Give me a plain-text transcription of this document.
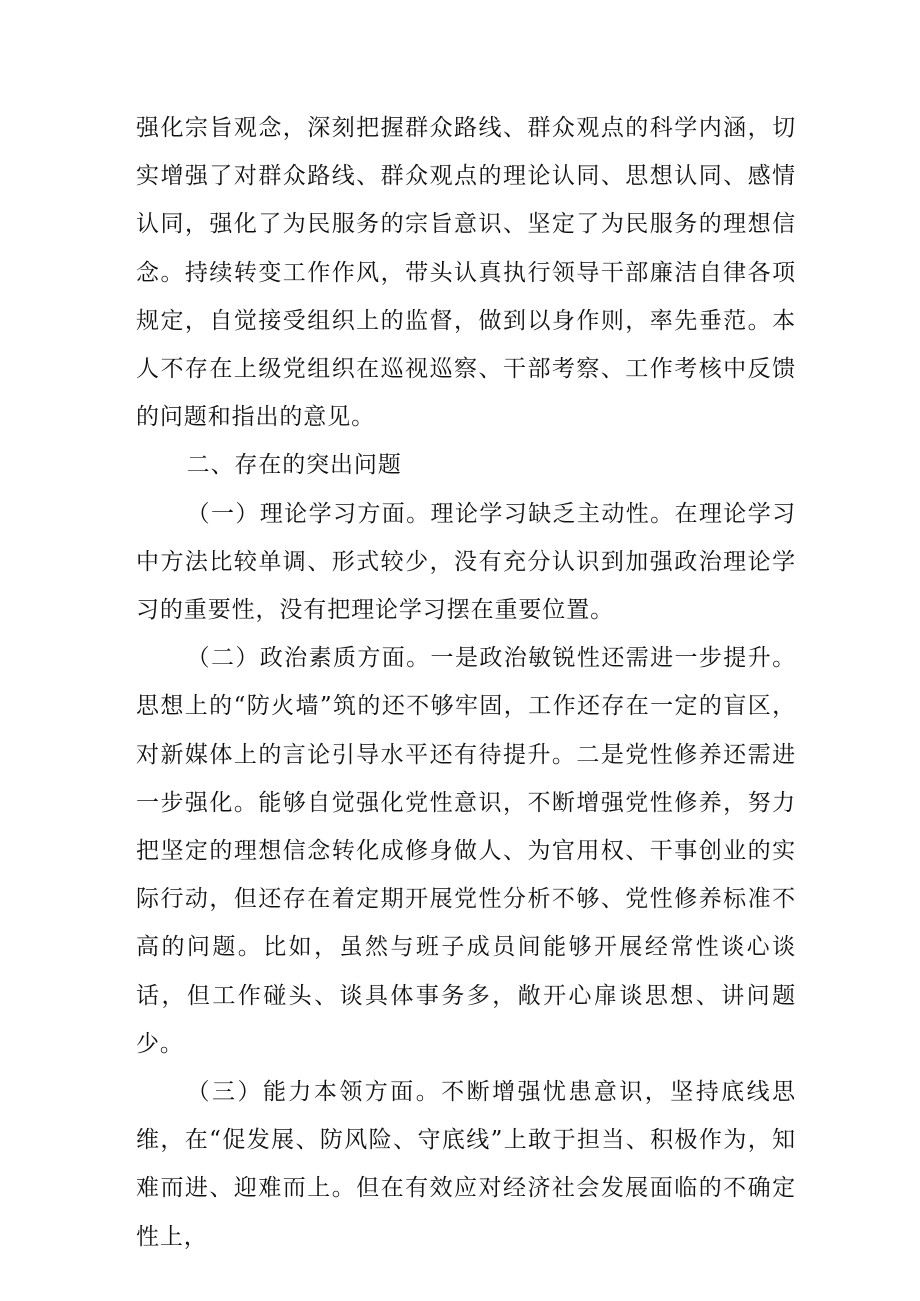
强化宗旨观念，深刻把握群众路线、群众观点的科学内涵，切实增强了对群众路线、群众观点的理论认同、思想认同、感情认同，强化了为民服务的宗旨意识、坚定了为民服务的理想信念。持续转变工作作风，带头认真执行领导干部廉洁自律各项规定，自觉接受组织上的监督，做到以身作则，率先垂范。本人不存在上级党组织在巡视巡察、干部考察、工作考核中反馈的问题和指出的意见。

二、存在的突出问题

（一）理论学习方面。理论学习缺乏主动性。在理论学习中方法比较单调、形式较少，没有充分认识到加强政治理论学习的重要性，没有把理论学习摆在重要位置。

（二）政治素质方面。一是政治敏锐性还需进一步提升。思想上的“防火墙”筑的还不够牢固，工作还存在一定的盲区，对新媒体上的言论引导水平还有待提升。二是党性修养还需进一步强化。能够自觉强化党性意识，不断增强党性修养，努力把坚定的理想信念转化成修身做人、为官用权、干事创业的实际行动，但还存在着定期开展党性分析不够、党性修养标准不高的问题。比如，虽然与班子成员间能够开展经常性谈心谈话，但工作碰头、谈具体事务多，敞开心扉谈思想、讲问题少。

（三）能力本领方面。不断增强忧患意识，坚持底线思维，在“促发展、防风险、守底线”上敢于担当、积极作为，知难而进、迎难而上。但在有效应对经济社会发展面临的不确定性上，
